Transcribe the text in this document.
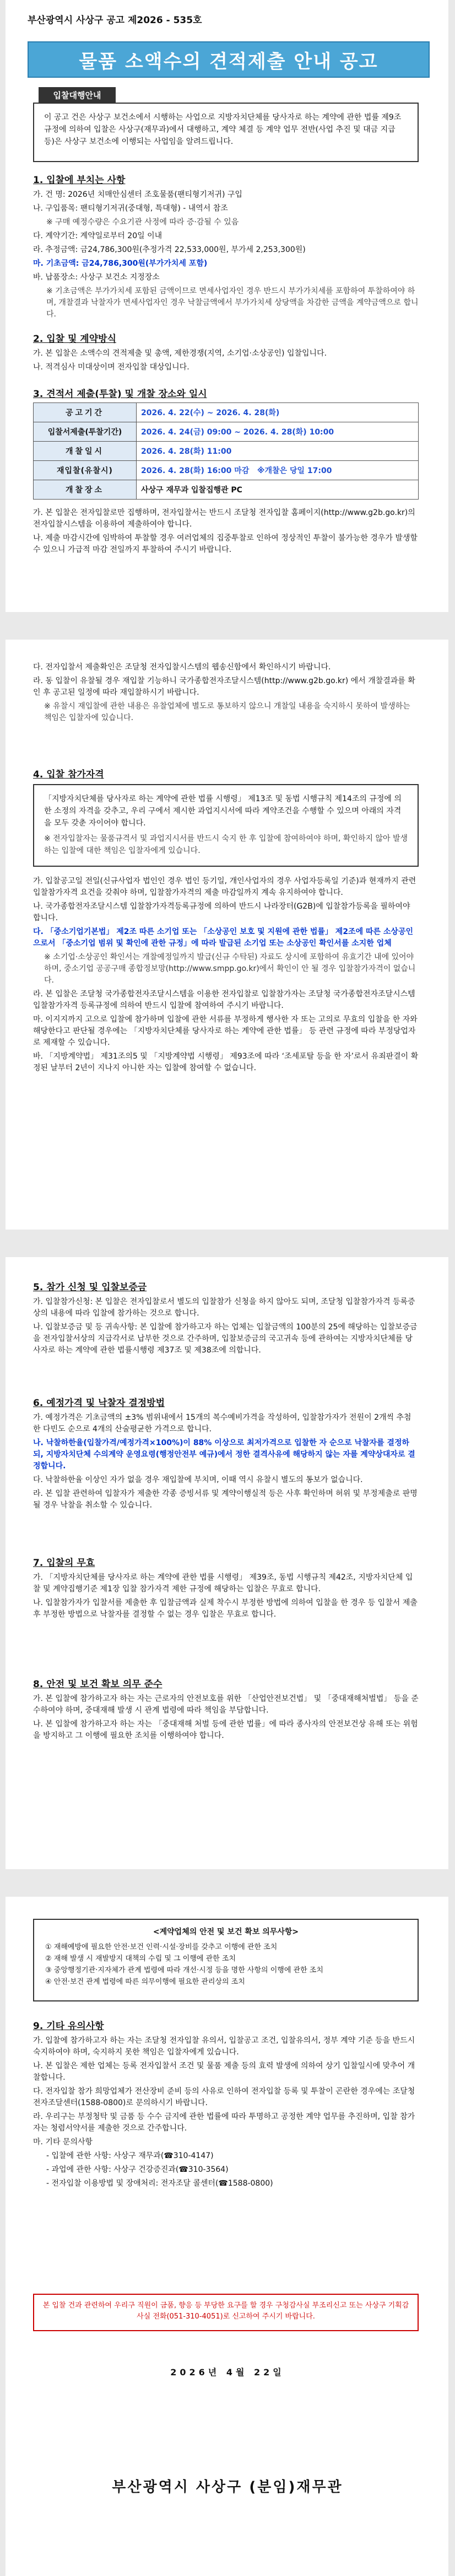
부산광역시 사상구 공고 제2026 - 535호
물품 소액수의 견적제출 안내 공고
입찰대행안내
이 공고 건은 사상구 보건소에서 시행하는 사업으로 지방자치단체를 당사자로 하는 계약에 관한 법률 제9조 규정에 의하여 입찰은 사상구(재무과)에서 대행하고, 계약 체결 등 계약 업무 전반(사업 추진 및 대금 지급 등)은 사상구 보건소에 이행되는 사업임을 알려드립니다.
1. 입찰에 부치는 사항

가. 건 명: 2026년 치매안심센터 조호물품(팬티형기저귀) 구입

나. 구입품목: 팬티형기저귀(중대형, 특대형) - 내역서 참조

※ 구매 예정수량은 수요기관 사정에 따라 증·감될 수 있음

다. 계약기간: 계약일로부터 20일 이내

라. 추정금액: 금24,786,300원(추정가격 22,533,000원, 부가세 2,253,300원)

마. 기초금액: 금24,786,300원(부가가치세 포함)

바. 납품장소: 사상구 보건소 지정장소

※ 기초금액은 부가가치세 포함된 금액이므로 면세사업자인 경우 반드시 부가가치세를 포함하여 투찰하여야 하며, 개찰결과 낙찰자가 면세사업자인 경우 낙찰금액에서 부가가치세 상당액을 차감한 금액을 계약금액으로 합니다.

2. 입찰 및 계약방식

가. 본 입찰은 소액수의 견적제출 및 총액, 제한경쟁(지역, 소기업·소상공인) 입찰입니다.

나. 적격심사 미대상이며 전자입찰 대상입니다.

3. 견적서 제출(투찰) 및 개찰 장소와 일시
공고기간	2026. 4. 22(수) ~ 2026. 4. 28(화)
입찰서제출(투찰기간)	2026. 4. 24(금) 09:00 ~ 2026. 4. 28(화) 10:00
개찰일시	2026. 4. 28(화) 11:00
재입찰(유찰시)	2026. 4. 28(화) 16:00 마감 ※개찰은 당일 17:00
개찰장소	사상구 재무과 입찰집행관 PC

가. 본 입찰은 전자입찰로만 집행하며, 전자입찰서는 반드시 조달청 전자입찰 홈페이지(http://www.g2b.go.kr)의 전자입찰시스템을 이용하여 제출하여야 합니다.

나. 제출 마감시간에 임박하여 투찰할 경우 여러업체의 집중투찰로 인하여 정상적인 투찰이 불가능한 경우가 발생할 수 있으니 가급적 마감 전일까지 투찰하여 주시기 바랍니다.

다. 전자입찰서 제출확인은 조달청 전자입찰시스템의 웹송신함에서 확인하시기 바랍니다.

라. 동 입찰이 유찰될 경우 재입찰 기능하니 국가종합전자조달시스템(http://www.g2b.go.kr) 에서 개찰결과를 확인 후 공고된 일정에 따라 재입찰하시기 바랍니다.

※ 유찰시 재입찰에 관한 내용은 유찰업체에 별도로 통보하지 않으니 개찰일 내용을 숙지하시 못하여 발생하는 책임은 입찰자에 있습니다.

4. 입찰 참가자격
「지방자치단체를 당사자로 하는 계약에 관한 법률 시행령」 제13조 및 동법 시행규칙 제14조의 규정에 의한 소정의 자격을 갖추고, 우리 구에서 제시한 과업지시서에 따라 계약조건을 수행할 수 있으며 아래의 자격을 모두 갖춘 자이어야 합니다.
※ 전자입찰자는 물품규격서 및 과업지시서를 반드시 숙지 한 후 입찰에 참여하여야 하며, 확인하지 않아 발생하는 입찰에 대한 책임은 입찰자에게 있습니다.

가. 입찰공고일 전일(신규사업자 법인인 경우 법인 등기일, 개인사업자의 경우 사업자등록일 기준)과 현재까지 관련 입찰참가자격 요건을 갖춰야 하며, 입찰참가자격의 제출 마감일까지 계속 유지하여야 합니다.

나. 국가종합전자조달시스템 입찰참가자격등록규정에 의하여 반드시 나라장터(G2B)에 입찰참가등록을 필하여야 합니다.

다. 「중소기업기본법」 제2조 따른 소기업 또는 「소상공인 보호 및 지원에 관한 법률」 제2조에 따른 소상공인으로서 「중소기업 범위 및 확인에 관한 규정」에 따라 발급된 소기업 또는 소상공인 확인서를 소지한 업체

※ 소기업·소상공인 확인서는 개찰예정일까지 발급(신규 수탁된) 자료도 상시에 포함하여 유효기간 내에 있어야 하며, 중소기업 공공구매 종합정보망(http://www.smpp.go.kr)에서 확인이 안 될 경우 입찰참가자격이 없습니다.

라. 본 입찰은 조달청 국가종합전자조달시스템을 이용한 전자입찰로 입찰참가자는 조달청 국가종합전자조달시스템 입찰참가자격 등록규정에 의하여 반드시 입찰에 참여하여 주시기 바랍니다.

마. 이지지까지 고으로 입찰에 참가하며 입찰에 관한 서류를 부정하게 행사한 자 또는 고의로 무효의 입찰을 한 자와 해당한다고 판단될 경우에는 「지방자치단체를 당사자로 하는 계약에 관한 법률」 등 관련 규정에 따라 부정당업자로 제재할 수 있습니다.

바. 「지방계약법」 제31조의5 및 「지방계약법 시행령」 제93조에 따라 ‘조세포탈 등을 한 자’로서 유죄판결이 확정된 날부터 2년이 지나지 아니한 자는 입찰에 참여할 수 없습니다.

5. 참가 신청 및 입찰보증금

가. 입찰참가신청: 본 입찰은 전자입찰로서 별도의 입찰참가 신청을 하지 않아도 되며, 조달청 입찰참가자격 등록증상의 내용에 따라 입찰에 참가하는 것으로 합니다.

나. 입찰보증금 및 등 귀속사항: 본 입찰에 참가하고자 하는 업체는 입찰금액의 100분의 25에 해당하는 입찰보증금을 전자입찰서상의 지급각서로 납부한 것으로 간주하며, 입찰보증금의 국고귀속 등에 관하여는 지방자치단체를 당사자로 하는 계약에 관한 법률시행령 제37조 및 제38조에 의합니다.

6. 예정가격 및 낙찰자 결정방법

가. 예정가격은 기초금액의 ±3% 범위내에서 15개의 복수예비가격을 작성하여, 입찰참가자가 전원이 2개씩 추첨한 다빈도 순으로 4개의 산술평균한 가격으로 합니다.

나. 낙찰하한율(입찰가격/예정가격×100%)이 88% 이상으로 최저가격으로 입찰한 자 순으로 낙찰자를 결정하되, 지방자치단체 수의계약 운영요령(행정안전부 예규)에서 정한 결격사유에 해당하지 않는 자를 계약상대자로 결정합니다.

다. 낙찰하한율 이상인 자가 없을 경우 재입찰에 부치며, 이때 역시 유찰시 별도의 통보가 없습니다.

라. 본 입찰 관련하여 입찰자가 제출한 각종 증빙서류 및 계약이행실적 등은 사후 확인하며 허위 및 부정제출로 판명될 경우 낙찰을 취소할 수 있습니다.

7. 입찰의 무효

가. 「지방자치단체를 당사자로 하는 계약에 관한 법률 시행령」 제39조, 동법 시행규칙 제42조, 지방자치단체 입찰 및 계약집행기준 제1장 입찰 참가자격 제한 규정에 해당하는 입찰은 무효로 합니다.

나. 입찰참가자가 입찰서를 제출한 후 입찰금액과 실제 착수시 부정한 방법에 의하여 입찰을 한 경우 등 입찰서 제출 후 부정한 방법으로 낙찰자를 결정할 수 없는 경우 입찰은 무효로 합니다.

8. 안전 및 보건 확보 의무 준수

가. 본 입찰에 참가하고자 하는 자는 근로자의 안전보호를 위한 「산업안전보건법」 및 「중대재해처벌법」 등을 준수하여야 하며, 중대재해 발생 시 관계 법령에 따라 책임을 부담합니다.

나. 본 입찰에 참가하고자 하는 자는 「중대재해 처벌 등에 관한 법률」에 따라 종사자의 안전보건상 유해 또는 위험을 방지하고 그 이행에 필요한 조치를 이행하여야 합니다.

<계약업체의 안전 및 보건 확보 의무사항>
① 재해예방에 필요한 안전·보건 인력·시설·장비를 갖추고 이행에 관한 조치
② 재해 발생 시 재발방지 대책의 수립 및 그 이행에 관한 조치
③ 중앙행정기관·지자체가 관계 법령에 따라 개선·시정 등을 명한 사항의 이행에 관한 조치
④ 안전·보건 관계 법령에 따른 의무이행에 필요한 관리상의 조치
9. 기타 유의사항

가. 입찰에 참가하고자 하는 자는 조달청 전자입찰 유의서, 입찰공고 조건, 입찰유의서, 정부 계약 기준 등을 반드시 숙지하여야 하며, 숙지하지 못한 책임은 입찰자에게 있습니다.

나. 본 입찰은 제한 업체는 등록 전자입찰서 조건 및 물품 제출 등의 효력 발생에 의하여 상기 입찰일시에 맞추어 개찰합니다.

다. 전자입찰 참가 희망업체가 전산장비 준비 등의 사유로 인하여 전자입찰 등록 및 투찰이 곤란한 경우에는 조달청 전자조달센터(1588-0800)로 문의하시기 바랍니다.

라. 우리구는 부정청탁 및 금품 등 수수 금지에 관한 법률에 따라 투명하고 공정한 계약 업무를 추진하며, 입찰 참가자는 청렴서약서를 제출한 것으로 간주합니다.

마. 기타 문의사항

- 입찰에 관한 사항: 사상구 재무과(☎310-4147)

- 과업에 관한 사항: 사상구 건강증진과(☎310-3564)

- 전자입찰 이용방법 및 장애처리: 전자조달 콜센터(☎1588-0800)

본 입찰 건과 관련하여 우리구 직원이 금품, 향응 등 부당한 요구를 할 경우 구청감사실 부조리신고 또는 사상구 기획감사실 전화(051-310-4051)로 신고하여 주시기 바랍니다.
2026년 4월 22일
부산광역시 사상구 (분임)재무관
